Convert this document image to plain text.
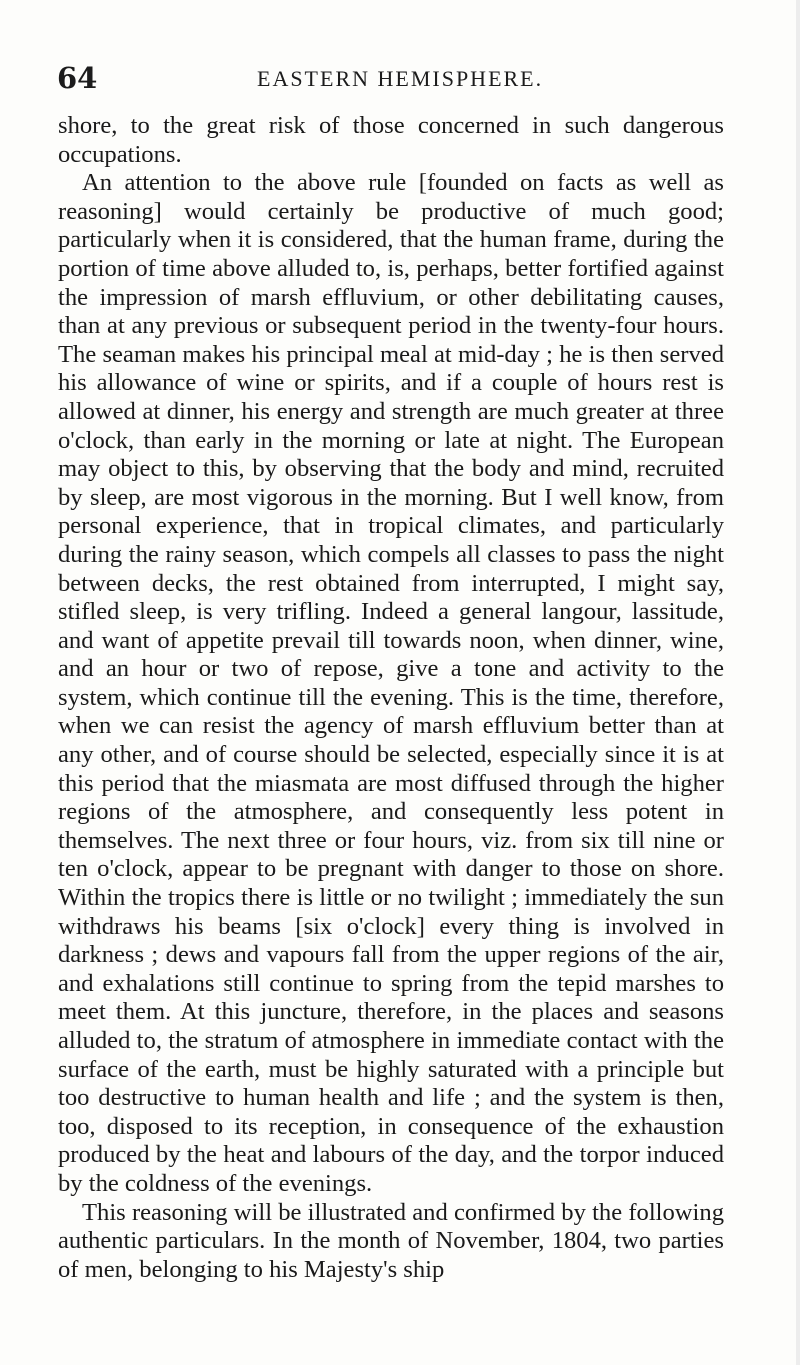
64	EASTERN HEMISPHERE.

shore, to the great risk of those concerned in such dangerous occupations.

An attention to the above rule [founded on facts as well as reasoning] would certainly be productive of much good; particularly when it is considered, that the human frame, during the portion of time above alluded to, is, perhaps, better fortified against the impression of marsh effluvium, or other debilitating causes, than at any previous or subsequent period in the twenty-four hours. The seaman makes his principal meal at mid-day ; he is then served his allowance of wine or spirits, and if a couple of hours rest is allowed at dinner, his energy and strength are much greater at three o'clock, than early in the morning or late at night. The European may object to this, by observing that the body and mind, recruited by sleep, are most vigorous in the morning. But I well know, from personal experience, that in tropical climates, and particularly during the rainy season, which compels all classes to pass the night between decks, the rest obtained from interrupted, I might say, stifled sleep, is very trifling. Indeed a general langour, lassitude, and want of appetite prevail till towards noon, when dinner, wine, and an hour or two of repose, give a tone and activity to the system, which continue till the evening. This is the time, therefore, when we can resist the agency of marsh effluvium better than at any other, and of course should be selected, especially since it is at this period that the miasmata are most diffused through the higher regions of the atmosphere, and consequently less potent in themselves. The next three or four hours, viz. from six till nine or ten o'clock, appear to be pregnant with danger to those on shore. Within the tropics there is little or no twilight ; immediately the sun withdraws his beams [six o'clock] every thing is involved in darkness ; dews and vapours fall from the upper regions of the air, and exhalations still continue to spring from the tepid marshes to meet them. At this juncture, therefore, in the places and seasons alluded to, the stratum of atmosphere in immediate contact with the surface of the earth, must be highly saturated with a principle but too destructive to human health and life ; and the system is then, too, disposed to its reception, in consequence of the exhaustion produced by the heat and labours of the day, and the torpor induced by the coldness of the evenings.

This reasoning will be illustrated and confirmed by the following authentic particulars. In the month of November, 1804, two parties of men, belonging to his Majesty's ship
